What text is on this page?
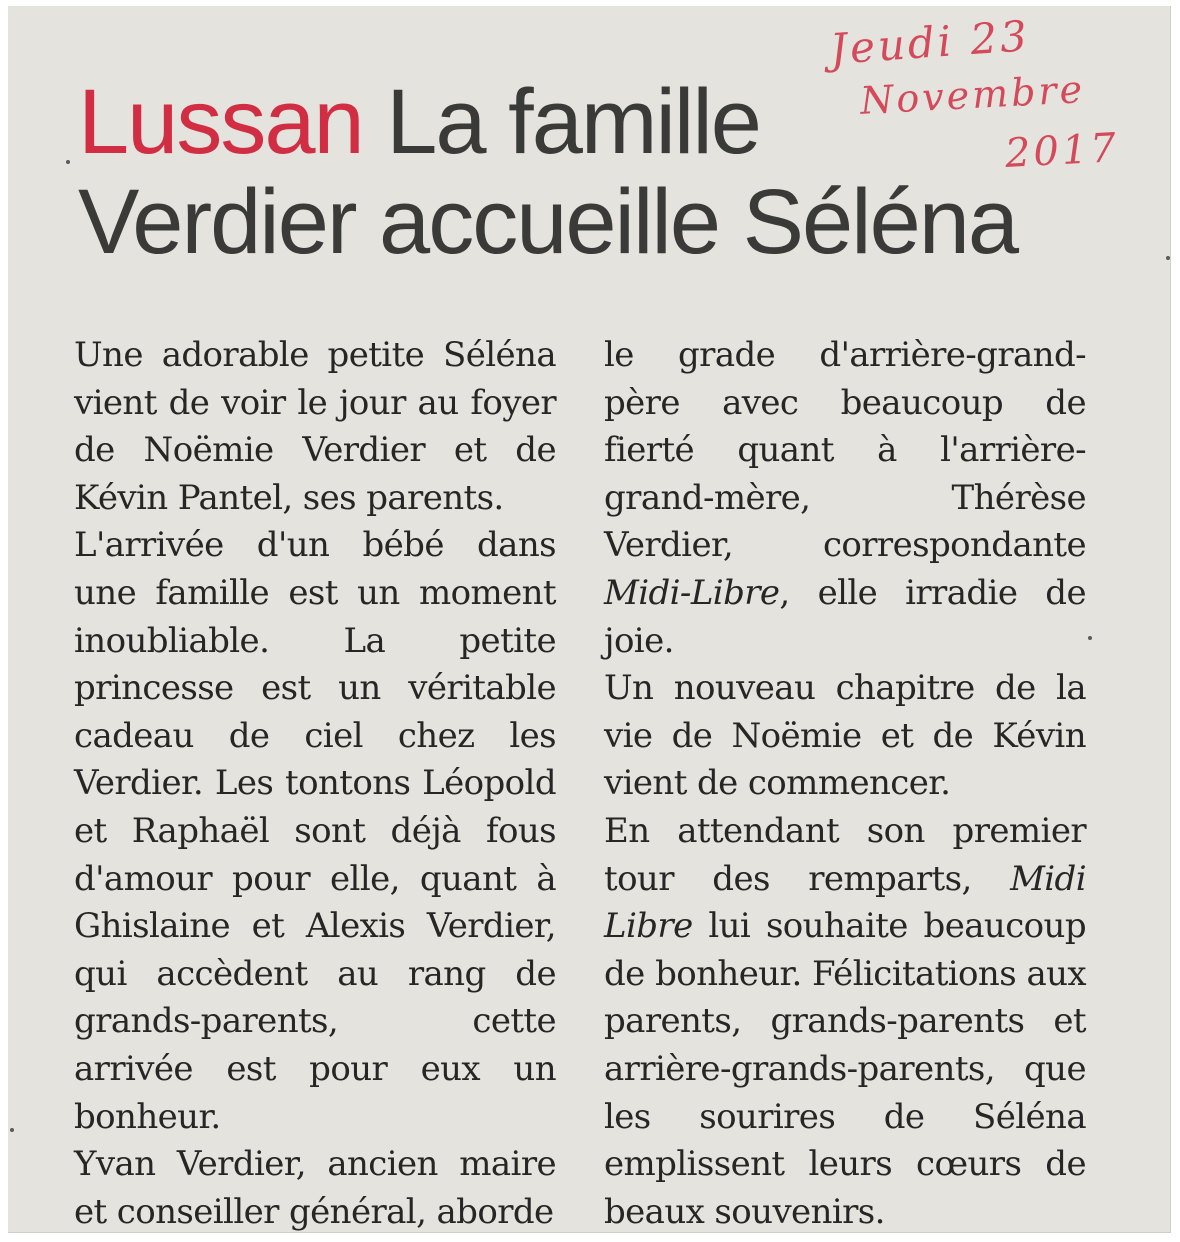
Jeudi 23
Novembre
2017
Lussan La famille
Verdier accueille Séléna

Une adorable petite Séléna vient de voir le jour au foyer de Noëmie Verdier et de Kévin Pantel, ses parents.

L'arrivée d'un bébé dans une famille est un moment inoubliable. La petite princesse est un véritable cadeau de ciel chez les Verdier. Les tontons Léopold et Raphaël sont déjà fous d'amour pour elle, quant à Ghislaine et Alexis Verdier, qui accèdent au rang de grands-parents, cette arrivée est pour eux un bonheur.

Yvan Verdier, ancien maire et conseiller général, aborde

le grade d'arrière-grand-père avec beaucoup de fierté quant à l'arrière-grand-mère, Thérèse Verdier, correspondante Midi-Libre, elle irradie de joie.

Un nouveau chapitre de la vie de Noëmie et de Kévin vient de commencer.

En attendant son premier tour des remparts, Midi Libre lui souhaite beaucoup de bonheur. Félicitations aux parents, grands-parents et arrière-grands-parents, que les sourires de Séléna emplissent leurs cœurs de beaux souvenirs.
